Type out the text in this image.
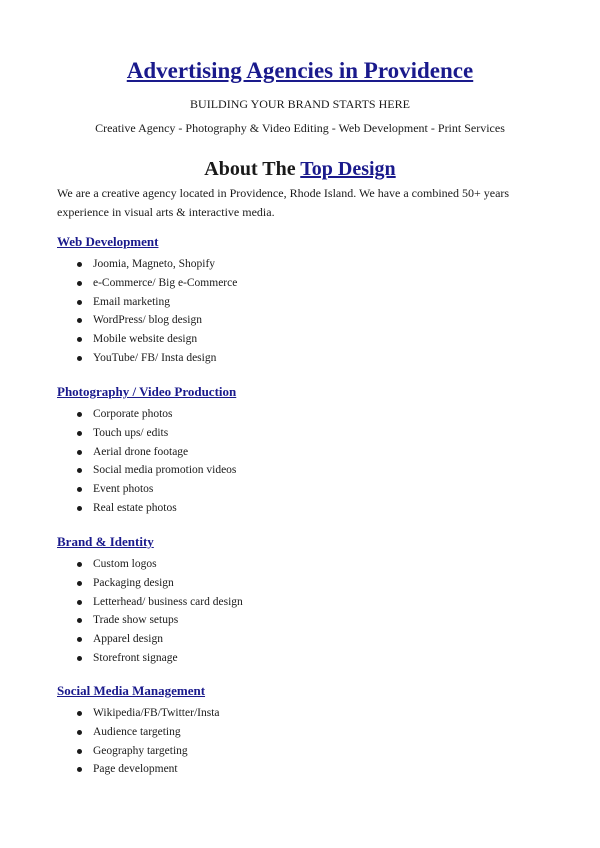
Advertising Agencies in Providence

BUILDING YOUR BRAND STARTS HERE

Creative Agency - Photography & Video Editing - Web Development - Print Services

About The Top Design

We are a creative agency located in Providence, Rhode Island. We have a combined 50+ years experience in visual arts & interactive media.

Web Development
Joomia, Magneto, Shopify
e-Commerce/ Big e-Commerce
Email marketing
WordPress/ blog design
Mobile website design
YouTube/ FB/ Insta design
Photography / Video Production
Corporate photos
Touch ups/ edits
Aerial drone footage
Social media promotion videos
Event photos
Real estate photos
Brand & Identity
Custom logos
Packaging design
Letterhead/ business card design
Trade show setups
Apparel design
Storefront signage
Social Media Management
Wikipedia/FB/Twitter/Insta
Audience targeting
Geography targeting
Page development
